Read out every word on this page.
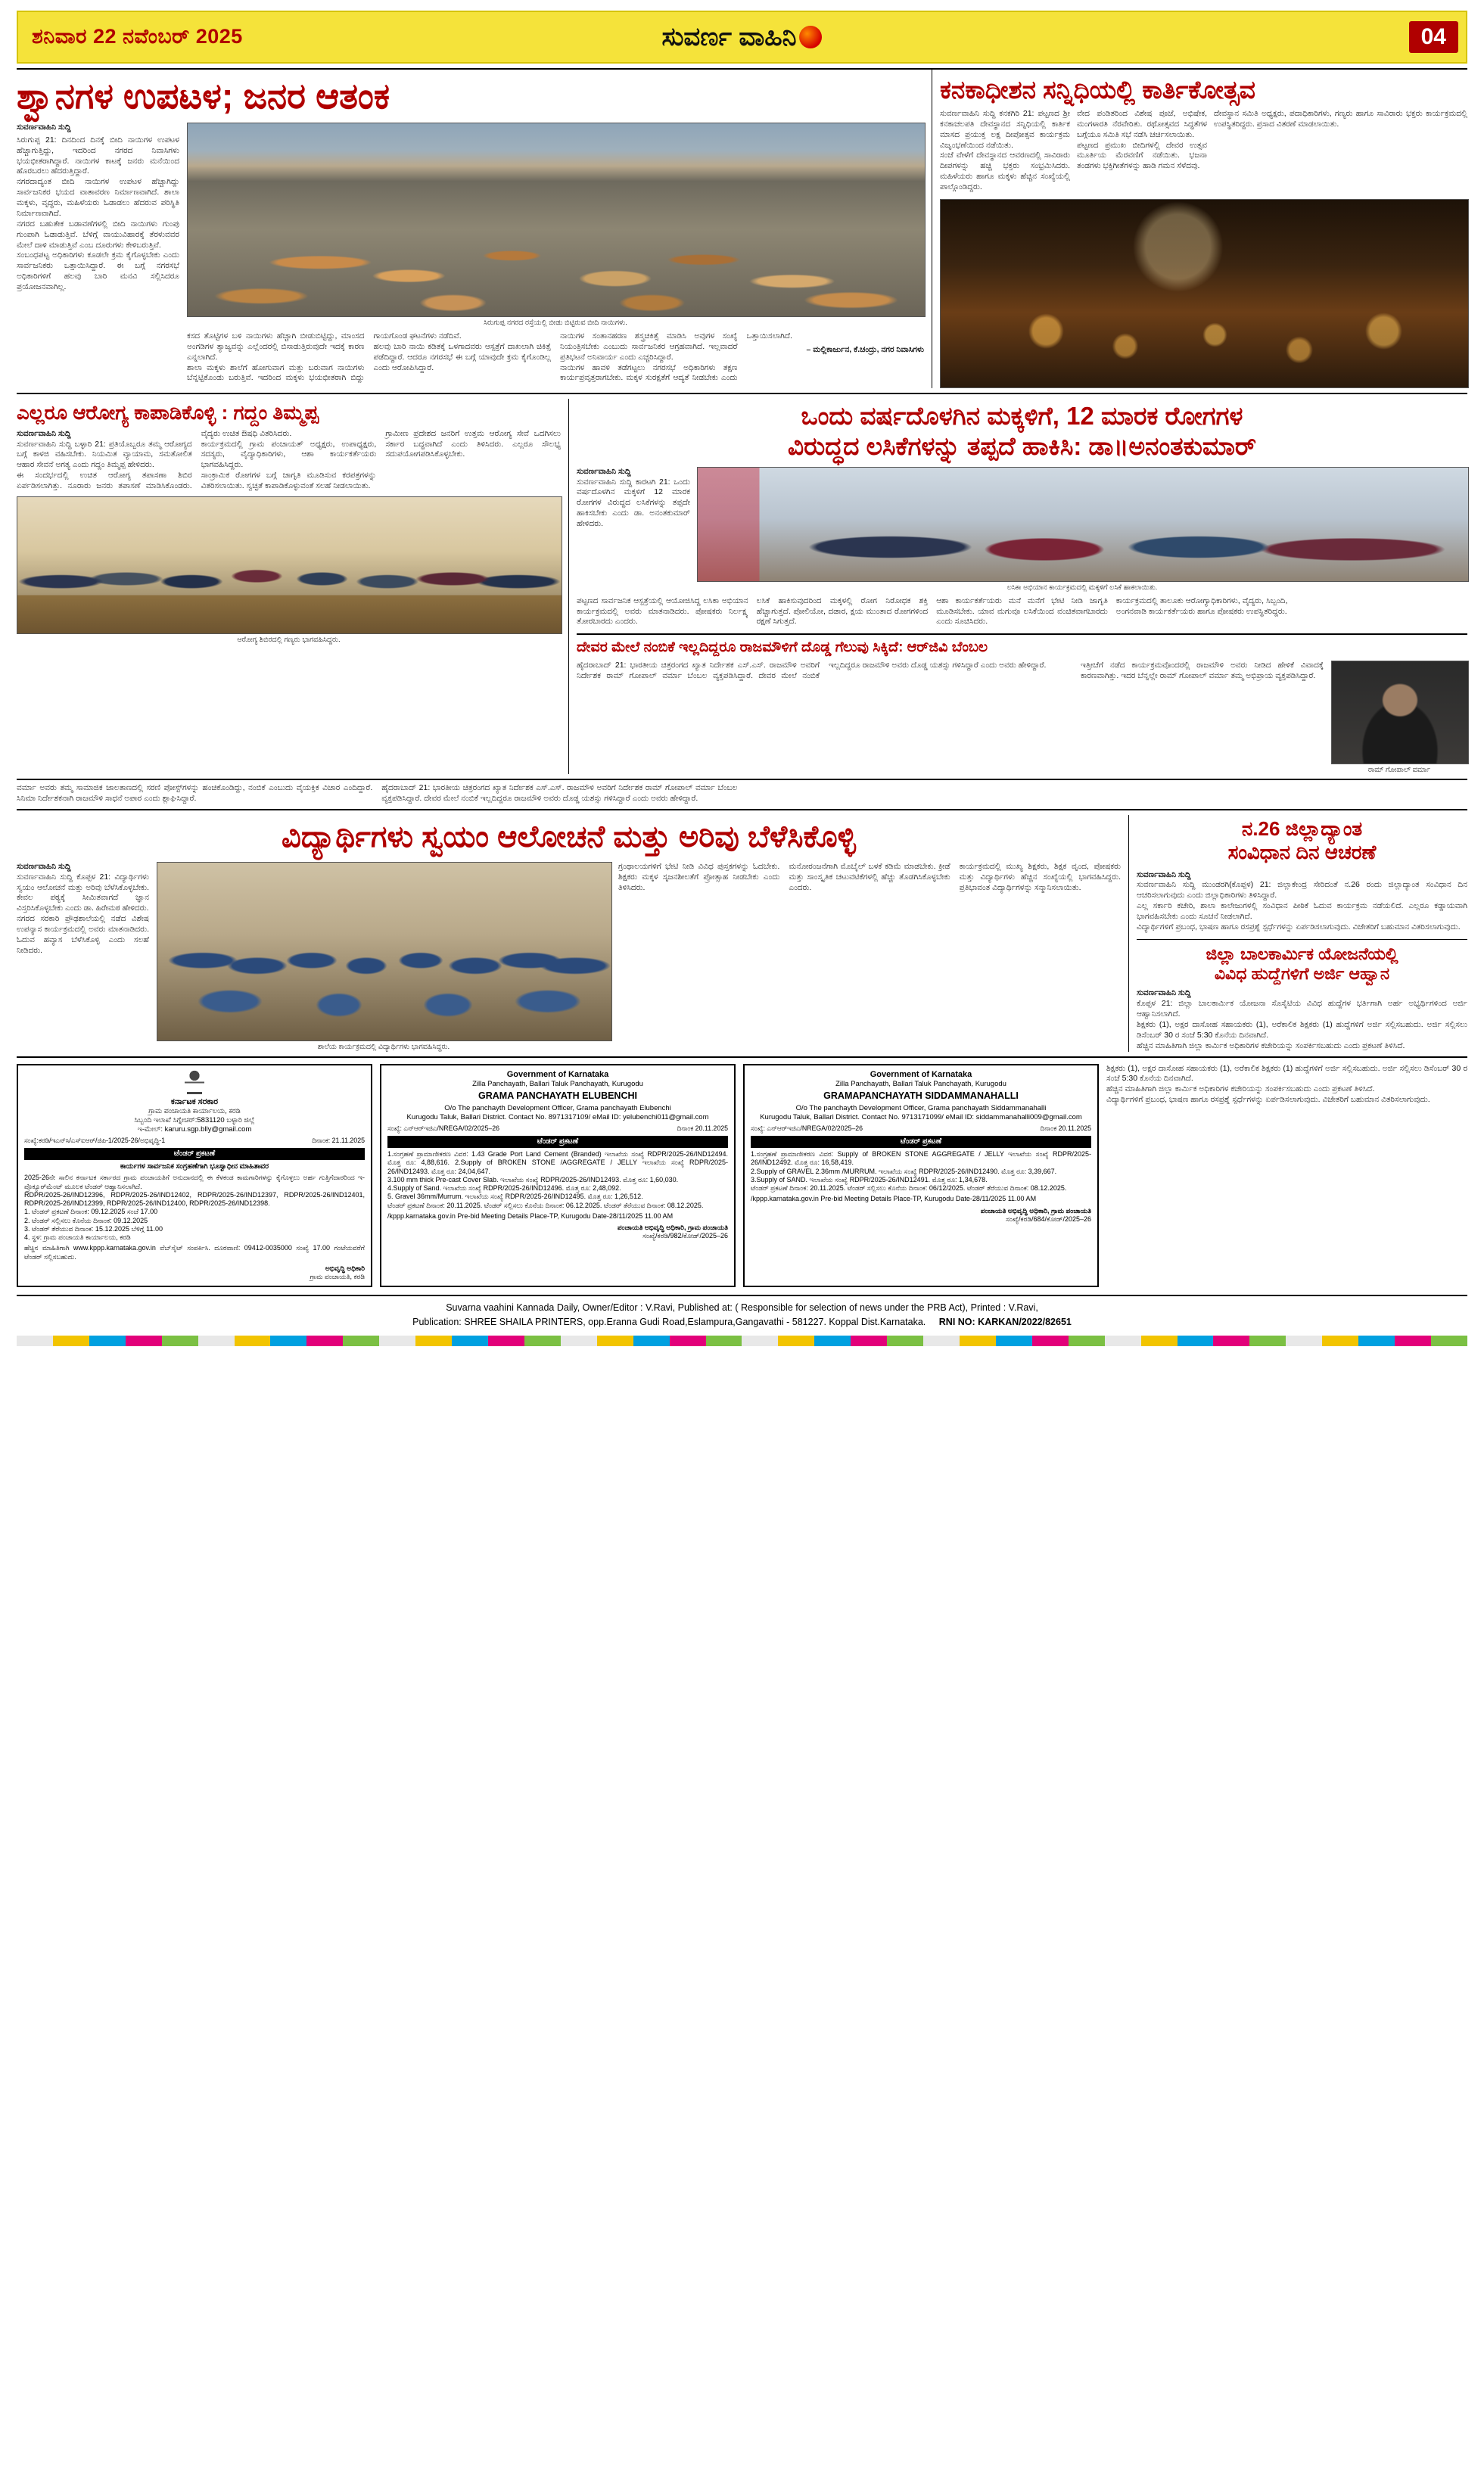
ಶನಿವಾರ 22 ನವೆಂಬರ್ 2025	ಸುವರ್ಣ ವಾಹಿನಿ	04
ಶ್ವಾನಗಳ ಉಪಟಳ; ಜನರ ಆತಂಕ
ಸುವರ್ಣವಾಹಿನಿ ಸುದ್ದಿ
ಸಿರುಗುಪ್ಪ 21: ದಿನದಿಂದ ದಿನಕ್ಕೆ ಬೀದಿ ನಾಯಿಗಳ ಉಪಟಳ ಹೆಚ್ಚಾಗುತ್ತಿದ್ದು, ಇದರಿಂದ ನಗರದ ನಿವಾಸಿಗಳು ಭಯಭೀತರಾಗಿದ್ದಾರೆ. ನಾಯಿಗಳ ಕಾಟಕ್ಕೆ ಜನರು ಮನೆಯಿಂದ ಹೊರಬರಲು ಹೆದರುತ್ತಿದ್ದಾರೆ.
ನಗರದಾದ್ಯಂತ ಬೀದಿ ನಾಯಿಗಳ ಉಪಟಳ ಹೆಚ್ಚಾಗಿದ್ದು ಸಾರ್ವಜನಿಕರ ಭಯದ ವಾತಾವರಣ ನಿರ್ಮಾಣವಾಗಿದೆ. ಶಾಲಾ ಮಕ್ಕಳು, ವೃದ್ಧರು, ಮಹಿಳೆಯರು ಓಡಾಡಲು ಹೆದರುವ ಪರಿಸ್ಥಿತಿ ನಿರ್ಮಾಣವಾಗಿದೆ.
ನಗರದ ಬಹುತೇಕ ಬಡಾವಣೆಗಳಲ್ಲಿ ಬೀದಿ ನಾಯಿಗಳು ಗುಂಪು ಗುಂಪಾಗಿ ಓಡಾಡುತ್ತಿವೆ. ಬೆಳಿಗ್ಗೆ ವಾಯುವಿಹಾರಕ್ಕೆ ತೆರಳುವವರ ಮೇಲೆ ದಾಳಿ ಮಾಡುತ್ತಿವೆ ಎಂಬ ದೂರುಗಳು ಕೇಳಿಬರುತ್ತಿವೆ.
ಸಂಬಂಧಪಟ್ಟ ಅಧಿಕಾರಿಗಳು ಕೂಡಲೇ ಕ್ರಮ ಕೈಗೊಳ್ಳಬೇಕು ಎಂದು ಸಾರ್ವಜನಿಕರು ಒತ್ತಾಯಿಸಿದ್ದಾರೆ. ಈ ಬಗ್ಗೆ ನಗರಸಭೆ ಅಧಿಕಾರಿಗಳಿಗೆ ಹಲವು ಬಾರಿ ಮನವಿ ಸಲ್ಲಿಸಿದರೂ ಪ್ರಯೋಜನವಾಗಿಲ್ಲ.
ಸಿರುಗುಪ್ಪ ನಗರದ ರಸ್ತೆಯಲ್ಲಿ ಬೀಡು ಬಿಟ್ಟಿರುವ ಬೀದಿ ನಾಯಿಗಳು.
ಕಸದ ತೊಟ್ಟಿಗಳ ಬಳಿ ನಾಯಿಗಳು ಹೆಚ್ಚಾಗಿ ಬೀಡುಬಿಟ್ಟಿದ್ದು, ಮಾಂಸದ ಅಂಗಡಿಗಳ ತ್ಯಾಜ್ಯವನ್ನು ಎಲ್ಲೆಂದರಲ್ಲಿ ಬಿಸಾಡುತ್ತಿರುವುದೇ ಇದಕ್ಕೆ ಕಾರಣ ಎನ್ನಲಾಗಿದೆ.
ಶಾಲಾ ಮಕ್ಕಳು ಶಾಲೆಗೆ ಹೋಗುವಾಗ ಮತ್ತು ಬರುವಾಗ ನಾಯಿಗಳು ಬೆನ್ನಟ್ಟಿಕೊಂಡು ಬರುತ್ತಿವೆ. ಇದರಿಂದ ಮಕ್ಕಳು ಭಯಭೀತರಾಗಿ ಬಿದ್ದು ಗಾಯಗೊಂಡ ಘಟನೆಗಳು ನಡೆದಿವೆ.
ಹಲವು ಬಾರಿ ನಾಯಿ ಕಡಿತಕ್ಕೆ ಒಳಗಾದವರು ಆಸ್ಪತ್ರೆಗೆ ದಾಖಲಾಗಿ ಚಿಕಿತ್ಸೆ ಪಡೆದಿದ್ದಾರೆ. ಆದರೂ ನಗರಸಭೆ ಈ ಬಗ್ಗೆ ಯಾವುದೇ ಕ್ರಮ ಕೈಗೊಂಡಿಲ್ಲ ಎಂದು ಆರೋಪಿಸಿದ್ದಾರೆ.
ನಾಯಿಗಳ ಸಂತಾನಹರಣ ಶಸ್ತ್ರಚಿಕಿತ್ಸೆ ಮಾಡಿಸಿ ಅವುಗಳ ಸಂಖ್ಯೆ ನಿಯಂತ್ರಿಸಬೇಕು ಎಂಬುದು ಸಾರ್ವಜನಿಕರ ಆಗ್ರಹವಾಗಿದೆ. ಇಲ್ಲವಾದರೆ ಪ್ರತಿಭಟನೆ ಅನಿವಾರ್ಯ ಎಂದು ಎಚ್ಚರಿಸಿದ್ದಾರೆ.
ನಾಯಿಗಳ ಹಾವಳಿ ತಡೆಗಟ್ಟಲು ನಗರಸಭೆ ಅಧಿಕಾರಿಗಳು ತಕ್ಷಣ ಕಾರ್ಯಪ್ರವೃತ್ತರಾಗಬೇಕು. ಮಕ್ಕಳ ಸುರಕ್ಷತೆಗೆ ಆದ್ಯತೆ ನೀಡಬೇಕು ಎಂದು ಒತ್ತಾಯಿಸಲಾಗಿದೆ.
– ಮಲ್ಲಿಕಾರ್ಜುನ, ಕೆ.ಚಂದ್ರು, ನಗರ ನಿವಾಸಿಗಳು
ಕನಕಾಧೀಶನ ಸನ್ನಿಧಿಯಲ್ಲಿ ಕಾರ್ತಿಕೋತ್ಸವ
ಸುವರ್ಣವಾಹಿನಿ ಸುದ್ದಿ ಕನಕಗಿರಿ 21: ಪಟ್ಟಣದ ಶ್ರೀ ಕನಕಾಚಲಪತಿ ದೇವಸ್ಥಾನದ ಸನ್ನಿಧಿಯಲ್ಲಿ ಕಾರ್ತಿಕ ಮಾಸದ ಪ್ರಯುಕ್ತ ಲಕ್ಷ ದೀಪೋತ್ಸವ ಕಾರ್ಯಕ್ರಮ ವಿಜೃಂಭಣೆಯಿಂದ ನಡೆಯಿತು.
ಸಂಜೆ ವೇಳೆಗೆ ದೇವಸ್ಥಾನದ ಆವರಣದಲ್ಲಿ ಸಾವಿರಾರು ದೀಪಗಳನ್ನು ಹಚ್ಚಿ ಭಕ್ತರು ಸಂಭ್ರಮಿಸಿದರು. ಮಹಿಳೆಯರು ಹಾಗೂ ಮಕ್ಕಳು ಹೆಚ್ಚಿನ ಸಂಖ್ಯೆಯಲ್ಲಿ ಪಾಲ್ಗೊಂಡಿದ್ದರು.
ವೇದ ಪಂಡಿತರಿಂದ ವಿಶೇಷ ಪೂಜೆ, ಅಭಿಷೇಕ, ಮಂಗಳಾರತಿ ನೆರವೇರಿತು. ರಥೋತ್ಸವದ ಸಿದ್ಧತೆಗಳ ಬಗ್ಗೆಯೂ ಸಮಿತಿ ಸಭೆ ನಡೆಸಿ ಚರ್ಚಿಸಲಾಯಿತು.
ಪಟ್ಟಣದ ಪ್ರಮುಖ ಬೀದಿಗಳಲ್ಲಿ ದೇವರ ಉತ್ಸವ ಮೂರ್ತಿಯ ಮೆರವಣಿಗೆ ನಡೆಯಿತು. ಭಜನಾ ತಂಡಗಳು ಭಕ್ತಿಗೀತೆಗಳನ್ನು ಹಾಡಿ ಗಮನ ಸೆಳೆದವು.
ದೇವಸ್ಥಾನ ಸಮಿತಿ ಅಧ್ಯಕ್ಷರು, ಪದಾಧಿಕಾರಿಗಳು, ಗಣ್ಯರು ಹಾಗೂ ಸಾವಿರಾರು ಭಕ್ತರು ಕಾರ್ಯಕ್ರಮದಲ್ಲಿ ಉಪಸ್ಥಿತರಿದ್ದರು. ಪ್ರಸಾದ ವಿತರಣೆ ಮಾಡಲಾಯಿತು.
ಎಲ್ಲರೂ ಆರೋಗ್ಯ ಕಾಪಾಡಿಕೊಳ್ಳಿ : ಗದ್ದಂ ತಿಮ್ಮಪ್ಪ
ಸುವರ್ಣವಾಹಿನಿ ಸುದ್ದಿ
ಸುವರ್ಣವಾಹಿನಿ ಸುದ್ದಿ ಬಳ್ಳಾರಿ 21: ಪ್ರತಿಯೊಬ್ಬರೂ ತಮ್ಮ ಆರೋಗ್ಯದ ಬಗ್ಗೆ ಕಾಳಜಿ ವಹಿಸಬೇಕು. ನಿಯಮಿತ ವ್ಯಾಯಾಮ, ಸಮತೋಲಿತ ಆಹಾರ ಸೇವನೆ ಅಗತ್ಯ ಎಂದು ಗದ್ದಂ ತಿಮ್ಮಪ್ಪ ಹೇಳಿದರು.
ಈ ಸಂದರ್ಭದಲ್ಲಿ ಉಚಿತ ಆರೋಗ್ಯ ತಪಾಸಣಾ ಶಿಬಿರ ಏರ್ಪಡಿಸಲಾಗಿತ್ತು. ನೂರಾರು ಜನರು ತಪಾಸಣೆ ಮಾಡಿಸಿಕೊಂಡರು. ವೈದ್ಯರು ಉಚಿತ ಔಷಧಿ ವಿತರಿಸಿದರು.
ಕಾರ್ಯಕ್ರಮದಲ್ಲಿ ಗ್ರಾಮ ಪಂಚಾಯತ್ ಅಧ್ಯಕ್ಷರು, ಉಪಾಧ್ಯಕ್ಷರು, ಸದಸ್ಯರು, ವೈದ್ಯಾಧಿಕಾರಿಗಳು, ಆಶಾ ಕಾರ್ಯಕರ್ತೆಯರು ಭಾಗವಹಿಸಿದ್ದರು.
ಸಾಂಕ್ರಾಮಿಕ ರೋಗಗಳ ಬಗ್ಗೆ ಜಾಗೃತಿ ಮೂಡಿಸುವ ಕರಪತ್ರಗಳನ್ನು ವಿತರಿಸಲಾಯಿತು. ಸ್ವಚ್ಛತೆ ಕಾಪಾಡಿಕೊಳ್ಳುವಂತೆ ಸಲಹೆ ನೀಡಲಾಯಿತು.
ಗ್ರಾಮೀಣ ಪ್ರದೇಶದ ಜನರಿಗೆ ಉತ್ತಮ ಆರೋಗ್ಯ ಸೇವೆ ಒದಗಿಸಲು ಸರ್ಕಾರ ಬದ್ಧವಾಗಿದೆ ಎಂದು ತಿಳಿಸಿದರು. ಎಲ್ಲರೂ ಸೌಲಭ್ಯ ಸದುಪಯೋಗಪಡಿಸಿಕೊಳ್ಳಬೇಕು.
ಆರೋಗ್ಯ ಶಿಬಿರದಲ್ಲಿ ಗಣ್ಯರು ಭಾಗವಹಿಸಿದ್ದರು.
ಒಂದು ವರ್ಷದೊಳಗಿನ ಮಕ್ಕಳಿಗೆ, 12 ಮಾರಕ ರೋಗಗಳ
ವಿರುದ್ಧದ ಲಸಿಕೆಗಳನ್ನು ತಪ್ಪದೆ ಹಾಕಿಸಿ: ಡಾ॥ಅನಂತಕುಮಾರ್
ಸುವರ್ಣವಾಹಿನಿ ಸುದ್ದಿ
ಸುವರ್ಣವಾಹಿನಿ ಸುದ್ದಿ ಕಾರಟಗಿ 21: ಒಂದು ವರ್ಷದೊಳಗಿನ ಮಕ್ಕಳಿಗೆ 12 ಮಾರಕ ರೋಗಗಳ ವಿರುದ್ಧದ ಲಸಿಕೆಗಳನ್ನು ತಪ್ಪದೇ ಹಾಕಿಸಬೇಕು ಎಂದು ಡಾ. ಅನಂತಕುಮಾರ್ ಹೇಳಿದರು.
ಲಸಿಕಾ ಅಭಿಯಾನ ಕಾರ್ಯಕ್ರಮದಲ್ಲಿ ಮಕ್ಕಳಿಗೆ ಲಸಿಕೆ ಹಾಕಲಾಯಿತು.
ಪಟ್ಟಣದ ಸಾರ್ವಜನಿಕ ಆಸ್ಪತ್ರೆಯಲ್ಲಿ ಆಯೋಜಿಸಿದ್ದ ಲಸಿಕಾ ಅಭಿಯಾನ ಕಾರ್ಯಕ್ರಮದಲ್ಲಿ ಅವರು ಮಾತನಾಡಿದರು. ಪೋಷಕರು ನಿರ್ಲಕ್ಷ್ಯ ತೋರಬಾರದು ಎಂದರು.
ಲಸಿಕೆ ಹಾಕಿಸುವುದರಿಂದ ಮಕ್ಕಳಲ್ಲಿ ರೋಗ ನಿರೋಧಕ ಶಕ್ತಿ ಹೆಚ್ಚಾಗುತ್ತದೆ. ಪೋಲಿಯೋ, ದಡಾರ, ಕ್ಷಯ ಮುಂತಾದ ರೋಗಗಳಿಂದ ರಕ್ಷಣೆ ಸಿಗುತ್ತದೆ.
ಆಶಾ ಕಾರ್ಯಕರ್ತೆಯರು ಮನೆ ಮನೆಗೆ ಭೇಟಿ ನೀಡಿ ಜಾಗೃತಿ ಮೂಡಿಸಬೇಕು. ಯಾವ ಮಗುವೂ ಲಸಿಕೆಯಿಂದ ವಂಚಿತವಾಗಬಾರದು ಎಂದು ಸೂಚಿಸಿದರು.
ಕಾರ್ಯಕ್ರಮದಲ್ಲಿ ತಾಲೂಕು ಆರೋಗ್ಯಾಧಿಕಾರಿಗಳು, ವೈದ್ಯರು, ಸಿಬ್ಬಂದಿ, ಅಂಗನವಾಡಿ ಕಾರ್ಯಕರ್ತೆಯರು ಹಾಗೂ ಪೋಷಕರು ಉಪಸ್ಥಿತರಿದ್ದರು.
ದೇವರ ಮೇಲೆ ನಂಬಿಕೆ ಇಲ್ಲದಿದ್ದರೂ ರಾಜಮೌಳಿಗೆ ದೊಡ್ಡ ಗೆಲುವು ಸಿಕ್ಕಿದೆ: ಆರ್‌ಜಿವಿ ಬೆಂಬಲ
ಹೈದರಾಬಾದ್ 21: ಭಾರತೀಯ ಚಿತ್ರರಂಗದ ಖ್ಯಾತ ನಿರ್ದೇಶಕ ಎಸ್.ಎಸ್. ರಾಜಮೌಳಿ ಅವರಿಗೆ ನಿರ್ದೇಶಕ ರಾಮ್ ಗೋಪಾಲ್ ವರ್ಮಾ ಬೆಂಬಲ ವ್ಯಕ್ತಪಡಿಸಿದ್ದಾರೆ. ದೇವರ ಮೇಲೆ ನಂಬಿಕೆ ಇಲ್ಲದಿದ್ದರೂ ರಾಜಮೌಳಿ ಅವರು ದೊಡ್ಡ ಯಶಸ್ಸು ಗಳಿಸಿದ್ದಾರೆ ಎಂದು ಅವರು ಹೇಳಿದ್ದಾರೆ.	ಇತ್ತೀಚೆಗೆ ನಡೆದ ಕಾರ್ಯಕ್ರಮವೊಂದರಲ್ಲಿ ರಾಜಮೌಳಿ ಅವರು ನೀಡಿದ ಹೇಳಿಕೆ ವಿವಾದಕ್ಕೆ ಕಾರಣವಾಗಿತ್ತು. ಇದರ ಬೆನ್ನಲ್ಲೇ ರಾಮ್ ಗೋಪಾಲ್ ವರ್ಮಾ ತಮ್ಮ ಅಭಿಪ್ರಾಯ ವ್ಯಕ್ತಪಡಿಸಿದ್ದಾರೆ.
ರಾಮ್ ಗೋಪಾಲ್ ವರ್ಮಾ
ವರ್ಮಾ ಅವರು ತಮ್ಮ ಸಾಮಾಜಿಕ ಜಾಲತಾಣದಲ್ಲಿ ಸರಣಿ ಪೋಸ್ಟ್‌ಗಳನ್ನು ಹಂಚಿಕೊಂಡಿದ್ದು, ನಂಬಿಕೆ ಎಂಬುದು ವೈಯಕ್ತಿಕ ವಿಚಾರ ಎಂದಿದ್ದಾರೆ. ಸಿನಿಮಾ ನಿರ್ದೇಶಕನಾಗಿ ರಾಜಮೌಳಿ ಸಾಧನೆ ಅಪಾರ ಎಂದು ಶ್ಲಾಘಿಸಿದ್ದಾರೆ.
ಹೈದರಾಬಾದ್ 21: ಭಾರತೀಯ ಚಿತ್ರರಂಗದ ಖ್ಯಾತ ನಿರ್ದೇಶಕ ಎಸ್.ಎಸ್. ರಾಜಮೌಳಿ ಅವರಿಗೆ ನಿರ್ದೇಶಕ ರಾಮ್ ಗೋಪಾಲ್ ವರ್ಮಾ ಬೆಂಬಲ ವ್ಯಕ್ತಪಡಿಸಿದ್ದಾರೆ. ದೇವರ ಮೇಲೆ ನಂಬಿಕೆ ಇಲ್ಲದಿದ್ದರೂ ರಾಜಮೌಳಿ ಅವರು ದೊಡ್ಡ ಯಶಸ್ಸು ಗಳಿಸಿದ್ದಾರೆ ಎಂದು ಅವರು ಹೇಳಿದ್ದಾರೆ.
ವಿದ್ಯಾರ್ಥಿಗಳು ಸ್ವಯಂ ಆಲೋಚನೆ ಮತ್ತು ಅರಿವು ಬೆಳೆಸಿಕೊಳ್ಳಿ
ಸುವರ್ಣವಾಹಿನಿ ಸುದ್ದಿ
ಸುವರ್ಣವಾಹಿನಿ ಸುದ್ದಿ ಕೊಪ್ಪಳ 21: ವಿದ್ಯಾರ್ಥಿಗಳು ಸ್ವಯಂ ಆಲೋಚನೆ ಮತ್ತು ಅರಿವು ಬೆಳೆಸಿಕೊಳ್ಳಬೇಕು. ಕೇವಲ ಪಠ್ಯಕ್ಕೆ ಸೀಮಿತವಾಗದೆ ಜ್ಞಾನ ವಿಸ್ತರಿಸಿಕೊಳ್ಳಬೇಕು ಎಂದು ಡಾ. ಹಿರೇಮಠ ಹೇಳಿದರು.
ನಗರದ ಸರಕಾರಿ ಪ್ರೌಢಶಾಲೆಯಲ್ಲಿ ನಡೆದ ವಿಶೇಷ ಉಪನ್ಯಾಸ ಕಾರ್ಯಕ್ರಮದಲ್ಲಿ ಅವರು ಮಾತನಾಡಿದರು. ಓದುವ ಹವ್ಯಾಸ ಬೆಳೆಸಿಕೊಳ್ಳಿ ಎಂದು ಸಲಹೆ ನೀಡಿದರು.
ಶಾಲೆಯ ಕಾರ್ಯಕ್ರಮದಲ್ಲಿ ವಿದ್ಯಾರ್ಥಿಗಳು ಭಾಗವಹಿಸಿದ್ದರು.
ಗ್ರಂಥಾಲಯಗಳಿಗೆ ಭೇಟಿ ನೀಡಿ ವಿವಿಧ ಪುಸ್ತಕಗಳನ್ನು ಓದಬೇಕು. ಶಿಕ್ಷಕರು ಮಕ್ಕಳ ಸೃಜನಶೀಲತೆಗೆ ಪ್ರೋತ್ಸಾಹ ನೀಡಬೇಕು ಎಂದು ತಿಳಿಸಿದರು.
ಮನೋರಂಜನೆಗಾಗಿ ಮೊಬೈಲ್ ಬಳಕೆ ಕಡಿಮೆ ಮಾಡಬೇಕು. ಕ್ರೀಡೆ ಮತ್ತು ಸಾಂಸ್ಕೃತಿಕ ಚಟುವಟಿಕೆಗಳಲ್ಲಿ ಹೆಚ್ಚು ತೊಡಗಿಸಿಕೊಳ್ಳಬೇಕು ಎಂದರು.
ಕಾರ್ಯಕ್ರಮದಲ್ಲಿ ಮುಖ್ಯ ಶಿಕ್ಷಕರು, ಶಿಕ್ಷಕ ವೃಂದ, ಪೋಷಕರು ಮತ್ತು ವಿದ್ಯಾರ್ಥಿಗಳು ಹೆಚ್ಚಿನ ಸಂಖ್ಯೆಯಲ್ಲಿ ಭಾಗವಹಿಸಿದ್ದರು. ಪ್ರತಿಭಾವಂತ ವಿದ್ಯಾರ್ಥಿಗಳನ್ನು ಸನ್ಮಾನಿಸಲಾಯಿತು.
ನ.26 ಜಿಲ್ಲಾದ್ಯಾಂತ
ಸಂವಿಧಾನ ದಿನ ಆಚರಣೆ
ಸುವರ್ಣವಾಹಿನಿ ಸುದ್ದಿ
ಸುವರ್ಣವಾಹಿನಿ ಸುದ್ದಿ ಮುಂಡರಗಿ(ಕೊಪ್ಪಳ) 21: ಜಿಲ್ಲಾಕೇಂದ್ರ ಸೇರಿದಂತೆ ನ.26 ರಂದು ಜಿಲ್ಲಾದ್ಯಾಂತ ಸಂವಿಧಾನ ದಿನ ಆಚರಿಸಲಾಗುವುದು ಎಂದು ಜಿಲ್ಲಾಧಿಕಾರಿಗಳು ತಿಳಿಸಿದ್ದಾರೆ.
ಎಲ್ಲ ಸರ್ಕಾರಿ ಕಚೇರಿ, ಶಾಲಾ ಕಾಲೇಜುಗಳಲ್ಲಿ ಸಂವಿಧಾನ ಪೀಠಿಕೆ ಓದುವ ಕಾರ್ಯಕ್ರಮ ನಡೆಯಲಿದೆ. ಎಲ್ಲರೂ ಕಡ್ಡಾಯವಾಗಿ ಭಾಗವಹಿಸಬೇಕು ಎಂದು ಸೂಚನೆ ನೀಡಲಾಗಿದೆ.
ವಿದ್ಯಾರ್ಥಿಗಳಿಗೆ ಪ್ರಬಂಧ, ಭಾಷಣ ಹಾಗೂ ರಸಪ್ರಶ್ನೆ ಸ್ಪರ್ಧೆಗಳನ್ನು ಏರ್ಪಡಿಸಲಾಗುವುದು. ವಿಜೇತರಿಗೆ ಬಹುಮಾನ ವಿತರಿಸಲಾಗುವುದು.
ಜಿಲ್ಲಾ ಬಾಲಕಾರ್ಮಿಕ ಯೋಜನೆಯಲ್ಲಿ
ವಿವಿಧ ಹುದ್ದೆಗಳಿಗೆ ಅರ್ಜಿ ಆಹ್ವಾನ
ಸುವರ್ಣವಾಹಿನಿ ಸುದ್ದಿ
ಕೊಪ್ಪಳ 21: ಜಿಲ್ಲಾ ಬಾಲಕಾರ್ಮಿಕ ಯೋಜನಾ ಸೊಸೈಟಿಯ ವಿವಿಧ ಹುದ್ದೆಗಳ ಭರ್ತಿಗಾಗಿ ಅರ್ಹ ಅಭ್ಯರ್ಥಿಗಳಿಂದ ಅರ್ಜಿ ಆಹ್ವಾನಿಸಲಾಗಿದೆ.
ಶಿಕ್ಷಕರು (1), ಅಕ್ಷರ ದಾಸೋಹ ಸಹಾಯಕರು (1), ಅರೆಕಾಲಿಕ ಶಿಕ್ಷಕರು (1) ಹುದ್ದೆಗಳಿಗೆ ಅರ್ಜಿ ಸಲ್ಲಿಸಬಹುದು. ಅರ್ಜಿ ಸಲ್ಲಿಸಲು ಡಿಸೆಂಬರ್ 30 ರ ಸಂಜೆ 5:30 ಕೊನೆಯ ದಿನವಾಗಿದೆ.
ಹೆಚ್ಚಿನ ಮಾಹಿತಿಗಾಗಿ ಜಿಲ್ಲಾ ಕಾರ್ಮಿಕ ಅಧಿಕಾರಿಗಳ ಕಚೇರಿಯನ್ನು ಸಂಪರ್ಕಿಸಬಹುದು ಎಂದು ಪ್ರಕಟಣೆ ತಿಳಿಸಿದೆ.
ಕರ್ನಾಟಕ ಸರಕಾರ
ಗ್ರಾಮ ಪಂಚಾಯತಿ ಕಾರ್ಯಾಲಯ, ಕರಡಿ
ಸಿಬ್ಬಂದಿ ಇಲಾಖೆ ಸಿಗ್ನೇಚರ್:5831120 ಬಳ್ಳಾರಿ ಜಿಲ್ಲೆ
ಇ-ಮೇಲ್: karuru.sgp.blly@gmail.com
ಸಂಖ್ಯೆ:ಕರಡಿ/ಇಎನ್‌ಸಿ/ಎಸ್‌ಐಆರ್/ಜಿಪಿ-1/2025-26/ಅಭಿವೃದ್ಧಿ-1	ದಿನಾಂಕ: 21.11.2025
ಟೆಂಡರ್ ಪ್ರಕಟಣೆ
ಕಾರ್ಯಗಳ ಸಾರ್ವಜನಿಕ ಸಂಗ್ರಹಣೆಗಾಗಿ ಭೂಸ್ವಾಧೀನ ಮಾಹಿತಾವರ
2025-26ನೇ ಸಾಲಿನ ಕರ್ನಾಟಕ ಸರ್ಕಾರದ ಗ್ರಾಮ ಪಂಚಾಯತಿಗೆ ಅನುದಾನದಲ್ಲಿ ಈ ಕೆಳಕಂಡ ಕಾಮಗಾರಿಗಳನ್ನು ಕೈಗೊಳ್ಳಲು ಅರ್ಹ ಗುತ್ತಿಗೆದಾರರಿಂದ ಇ-ಪ್ರೊಕ್ಯೂರ್‌ಮೆಂಟ್ ಮೂಲಕ ಟೆಂಡರ್ ಆಹ್ವಾನಿಸಲಾಗಿದೆ.
RDPR/2025-26/IND12396, RDPR/2025-26/IND12402, RDPR/2025-26/IND12397, RDPR/2025-26/IND12401, RDPR/2025-26/IND12399, RDPR/2025-26/IND12400, RDPR/2025-26/IND12398.
1. ಟೆಂಡರ್ ಪ್ರಕಟಣೆ ದಿನಾಂಕ: 09.12.2025 ಸಂಜೆ 17.00
2. ಟೆಂಡರ್ ಸಲ್ಲಿಸಲು ಕೊನೆಯ ದಿನಾಂಕ: 09.12.2025
3. ಟೆಂಡರ್ ತೆರೆಯುವ ದಿನಾಂಕ: 15.12.2025 ಬೆಳಿಗ್ಗೆ 11.00
4. ಸ್ಥಳ: ಗ್ರಾಮ ಪಂಚಾಯತಿ ಕಾರ್ಯಾಲಯ, ಕರಡಿ
ಹೆಚ್ಚಿನ ಮಾಹಿತಿಗಾಗಿ www.kppp.karnataka.gov.in ವೆಬ್‌ಸೈಟ್ ಸಂಪರ್ಕಿಸಿ. ದೂರವಾಣಿ: 09412-0035000 ಸಂಖ್ಯೆ 17.00 ಗಂಟೆಯವರೆಗೆ ಟೆಂಡರ್ ಸಲ್ಲಿಸಬಹುದು.
ಅಭಿವೃದ್ಧಿ ಅಧಿಕಾರಿ
ಗ್ರಾಮ ಪಂಚಾಯತಿ, ಕರಡಿ
Government of Karnataka
Zilla Panchayath, Ballari Taluk Panchayath, Kurugodu
GRAMA PANCHAYATH ELUBENCHI
O/o The panchayth Development Officer, Grama panchayath Elubenchi
Kurugodu Taluk, Ballari District. Contact No. 8971317109/ eMail ID: yelubenchi011@gmail.com
ಸಂಖ್ಯೆ: ಎನ್‌ಆರ್‌ಇಜಿಎ/NREGA/02/2025–26	ದಿನಾಂಕ 20.11.2025
ಟೆಂಡರ್ ಪ್ರಕಟಣೆ
1.ಸಂಗ್ರಹಣೆ ಪ್ರಾಮಾಣೀಕರಣ ವಿವರ: 1.43 Grade Port Land Cement (Branded) ಇಲಾಖೆಯ ಸಂಖ್ಯೆ RDPR/2025-26/IND12494. ಮೊತ್ತ ರೂ: 4,88,616. 2.Supply of BROKEN STONE /AGGREGATE / JELLY ಇಲಾಖೆಯ ಸಂಖ್ಯೆ RDPR/2025-26/IND12493. ಮೊತ್ತ ರೂ: 24,04,647.
3.100 mm thick Pre-cast Cover Slab. ಇಲಾಖೆಯ ಸಂಖ್ಯೆ RDPR/2025-26/IND12493. ಮೊತ್ತ ರೂ: 1,60,030.
4.Supply of Sand. ಇಲಾಖೆಯ ಸಂಖ್ಯೆ RDPR/2025-26/IND12496. ಮೊತ್ತ ರೂ: 2,48,092.
5. Gravel 36mm/Murrum. ಇಲಾಖೆಯ ಸಂಖ್ಯೆ RDPR/2025-26/IND12495. ಮೊತ್ತ ರೂ: 1,26,512.
ಟೆಂಡರ್ ಪ್ರಕಟಣೆ ದಿನಾಂಕ: 20.11.2025. ಟೆಂಡರ್ ಸಲ್ಲಿಸಲು ಕೊನೆಯ ದಿನಾಂಕ: 06.12.2025. ಟೆಂಡರ್ ತೆರೆಯುವ ದಿನಾಂಕ: 08.12.2025.
/kppp.karnataka.gov.in Pre-bid Meeting Details Place-TP, Kurugodu Date-28/11/2025 11.00 AM
ಪಂಚಾಯತಿ ಅಭಿವೃದ್ಧಿ ಅಧಿಕಾರಿ, ಗ್ರಾಮ ಪಂಚಾಯತಿ
ಸಂಖ್ಯೆ/ಕರಡಿ/982/ಕೋಡ್/2025–26
Government of Karnataka
Zilla Panchayath, Ballari Taluk Panchayath, Kurugodu
GRAMAPANCHAYATH SIDDAMMANAHALLI
O/o The panchayth Development Officer, Grama panchayath Siddammanahalli
Kurugodu Taluk, Ballari District. Contact No. 9713171099/ eMail ID: siddammanahalli009@gmail.com
ಸಂಖ್ಯೆ: ಎನ್‌ಆರ್‌ಇಜಿಎ/NREGA/02/2025–26	ದಿನಾಂಕ 20.11.2025
ಟೆಂಡರ್ ಪ್ರಕಟಣೆ
1.ಸಂಗ್ರಹಣೆ ಪ್ರಾಮಾಣೀಕರಣ ವಿವರ: Supply of BROKEN STONE AGGREGATE / JELLY ಇಲಾಖೆಯ ಸಂಖ್ಯೆ RDPR/2025-26/IND12492. ಮೊತ್ತ ರೂ: 16,58,419.
2.Supply of GRAVEL 2.36mm /MURRUM. ಇಲಾಖೆಯ ಸಂಖ್ಯೆ RDPR/2025-26/IND12490. ಮೊತ್ತ ರೂ: 3,39,667.
3.Supply of SAND. ಇಲಾಖೆಯ ಸಂಖ್ಯೆ RDPR/2025-26/IND12491. ಮೊತ್ತ ರೂ: 1,34,678.
ಟೆಂಡರ್ ಪ್ರಕಟಣೆ ದಿನಾಂಕ: 20.11.2025. ಟೆಂಡರ್ ಸಲ್ಲಿಸಲು ಕೊನೆಯ ದಿನಾಂಕ: 06/12/2025. ಟೆಂಡರ್ ತೆರೆಯುವ ದಿನಾಂಕ: 08.12.2025.
/kppp.karnataka.gov.in Pre-bid Meeting Details Place-TP, Kurugodu Date-28/11/2025 11.00 AM
ಪಂಚಾಯತಿ ಅಭಿವೃದ್ಧಿ ಅಧಿಕಾರಿ, ಗ್ರಾಮ ಪಂಚಾಯತಿ
ಸಂಖ್ಯೆ/ಕರಡಿ/684/ಕೋಡ್/2025–26
ಶಿಕ್ಷಕರು (1), ಅಕ್ಷರ ದಾಸೋಹ ಸಹಾಯಕರು (1), ಅರೆಕಾಲಿಕ ಶಿಕ್ಷಕರು (1) ಹುದ್ದೆಗಳಿಗೆ ಅರ್ಜಿ ಸಲ್ಲಿಸಬಹುದು. ಅರ್ಜಿ ಸಲ್ಲಿಸಲು ಡಿಸೆಂಬರ್ 30 ರ ಸಂಜೆ 5:30 ಕೊನೆಯ ದಿನವಾಗಿದೆ.
ಹೆಚ್ಚಿನ ಮಾಹಿತಿಗಾಗಿ ಜಿಲ್ಲಾ ಕಾರ್ಮಿಕ ಅಧಿಕಾರಿಗಳ ಕಚೇರಿಯನ್ನು ಸಂಪರ್ಕಿಸಬಹುದು ಎಂದು ಪ್ರಕಟಣೆ ತಿಳಿಸಿದೆ.
ವಿದ್ಯಾರ್ಥಿಗಳಿಗೆ ಪ್ರಬಂಧ, ಭಾಷಣ ಹಾಗೂ ರಸಪ್ರಶ್ನೆ ಸ್ಪರ್ಧೆಗಳನ್ನು ಏರ್ಪಡಿಸಲಾಗುವುದು. ವಿಜೇತರಿಗೆ ಬಹುಮಾನ ವಿತರಿಸಲಾಗುವುದು.
Suvarna vaahini Kannada Daily, Owner/Editor : V.Ravi, Published at: ( Responsible for selection of news under the PRB Act), Printed : V.Ravi,
Publication: SHREE SHAILA PRINTERS, opp.Eranna Gudi Road,Eslampura,Gangavathi - 581227. Koppal Dist.Karnataka. RNI NO: KARKAN/2022/82651
